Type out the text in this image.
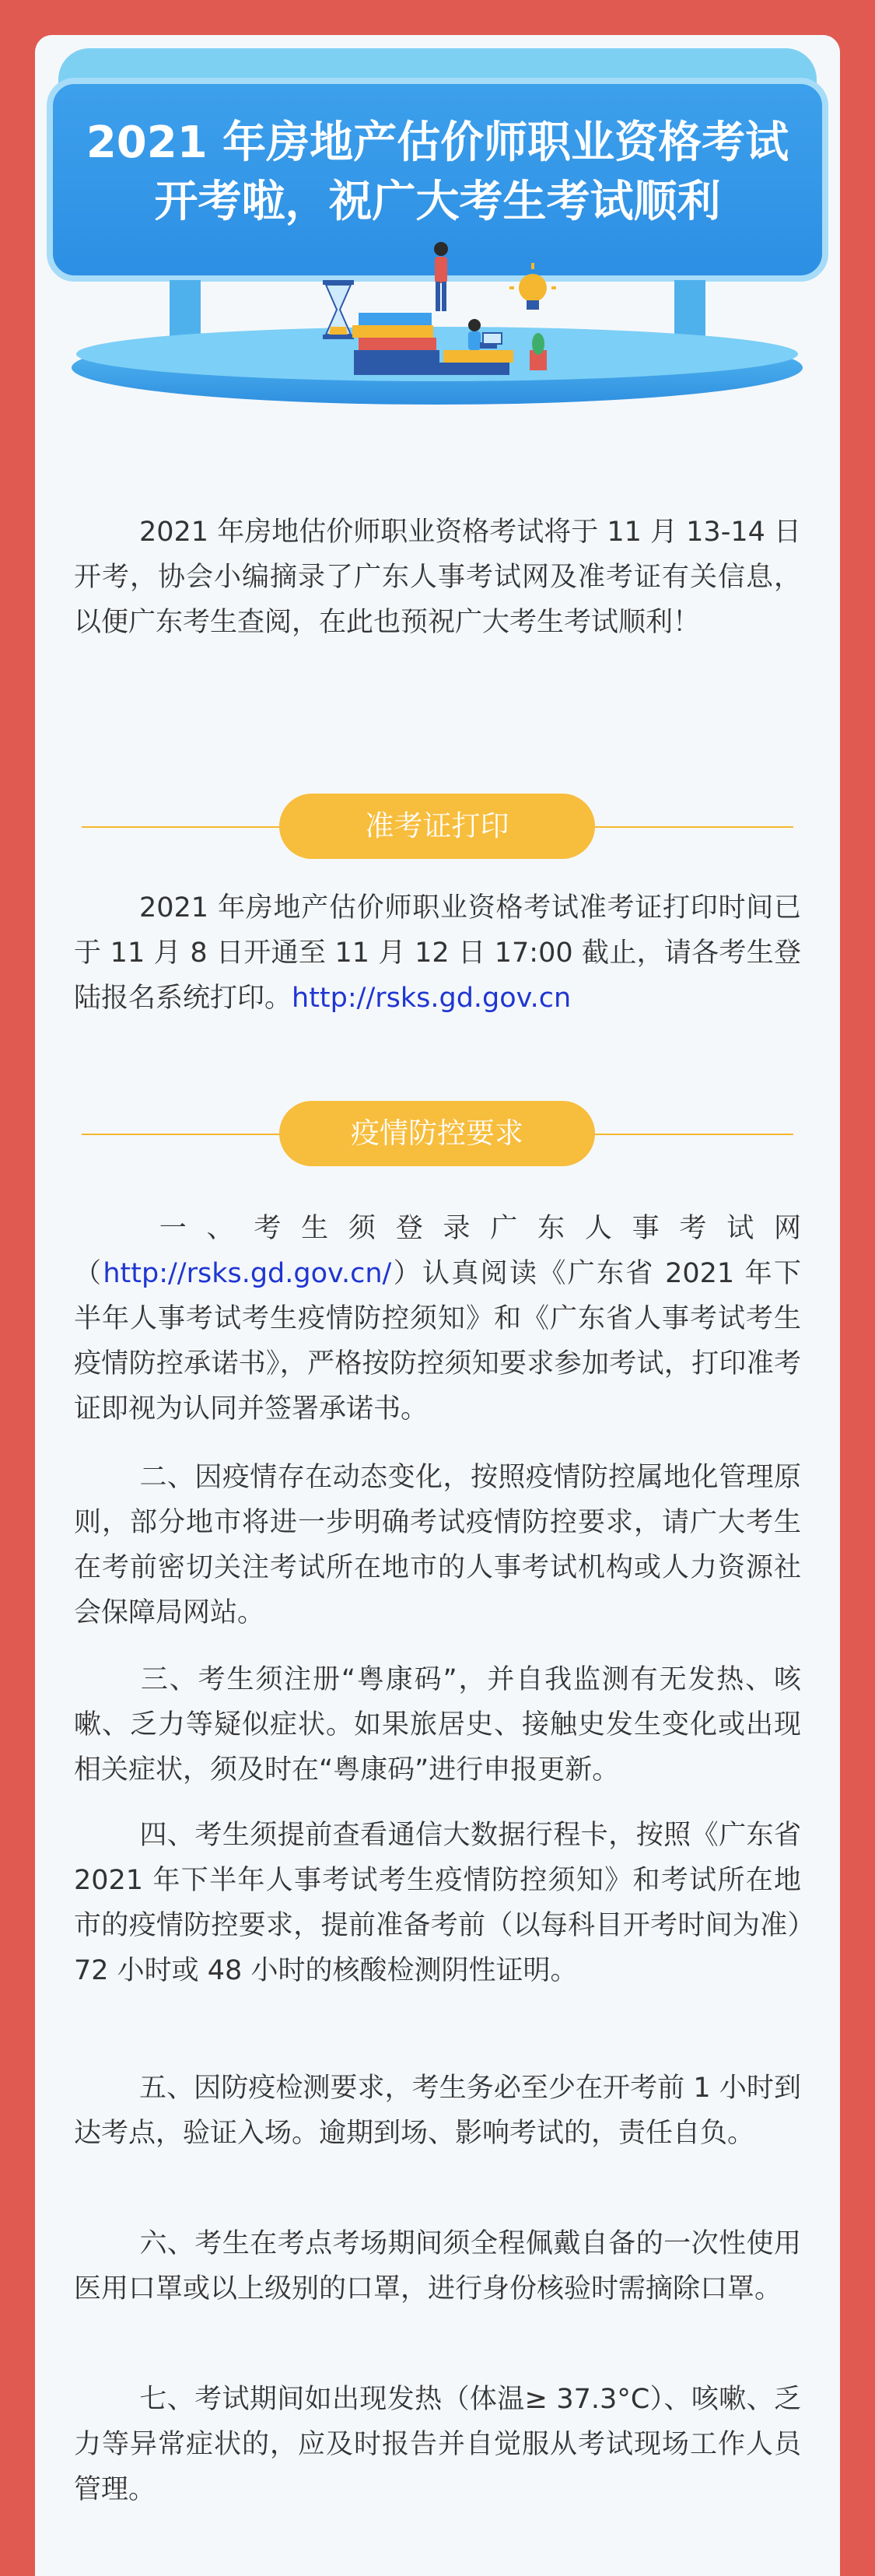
2021 年房地产估价师职业资格考试
开考啦，祝广大考生考试顺利

2021 年房地估价师职业资格考试将于 11 月 13-14 日开考，协会小编摘录了广东人事考试网及准考证有关信息，以便广东考生查阅，在此也预祝广大考生考试顺利！

准考证打印

2021 年房地产估价师职业资格考试准考证打印时间已于 11 月 8 日开通至 11 月 12 日 17:00 截止，请各考生登陆报名系统打印。http://rsks.gd.gov.cn

疫情防控要求

一、考生须登录广东人事考试网（http://rsks.gd.gov.cn/）认真阅读《广东省 2021 年下半年人事考试考生疫情防控须知》和《广东省人事考试考生疫情防控承诺书》，严格按防控须知要求参加考试，打印准考证即视为认同并签署承诺书。

二、因疫情存在动态变化，按照疫情防控属地化管理原则，部分地市将进一步明确考试疫情防控要求，请广大考生在考前密切关注考试所在地市的人事考试机构或人力资源社会保障局网站。

三、考生须注册“粤康码”，并自我监测有无发热、咳嗽、乏力等疑似症状。如果旅居史、接触史发生变化或出现相关症状，须及时在“粤康码”进行申报更新。

四、考生须提前查看通信大数据行程卡，按照《广东省 2021 年下半年人事考试考生疫情防控须知》和考试所在地市的疫情防控要求，提前准备考前（以每科目开考时间为准）72 小时或 48 小时的核酸检测阴性证明。

五、因防疫检测要求，考生务必至少在开考前 1 小时到达考点，验证入场。逾期到场、影响考试的，责任自负。

六、考生在考点考场期间须全程佩戴自备的一次性使用医用口罩或以上级别的口罩，进行身份核验时需摘除口罩。

七、考试期间如出现发热（体温≥ 37.3°C）、咳嗽、乏力等异常症状的，应及时报告并自觉服从考试现场工作人员管理。
